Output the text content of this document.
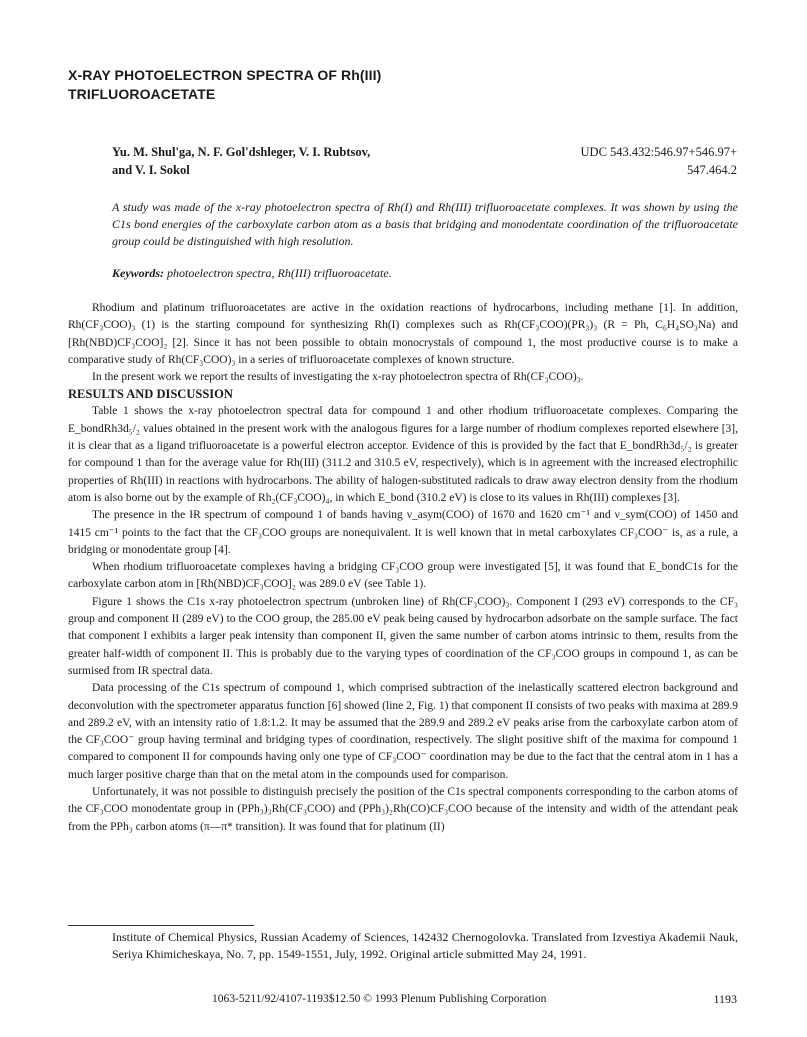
X-RAY PHOTOELECTRON SPECTRA OF Rh(III)
TRIFLUOROACETATE
Yu. M. Shul'ga, N. F. Gol'dshleger, V. I. Rubtsov,
and V. I. Sokol
UDC 543.432:546.97+546.97+
547.464.2
A study was made of the x-ray photoelectron spectra of Rh(I) and Rh(III) trifluoroacetate complexes. It was shown by using the C1s bond energies of the carboxylate carbon atom as a basis that bridging and monodentate coordination of the trifluoroacetate group could be distinguished with high resolution.
Keywords: photoelectron spectra, Rh(III) trifluoroacetate.

Rhodium and platinum trifluoroacetates are active in the oxidation reactions of hydrocarbons, including methane [1]. In addition, Rh(CF₃COO)₃ (1) is the starting compound for synthesizing Rh(I) complexes such as Rh(CF₃COO)(PR₃)₃ (R = Ph, C₆H₄SO₃Na) and [Rh(NBD)CF₃COO]₂ [2]. Since it has not been possible to obtain monocrystals of compound 1, the most productive course is to make a comparative study of Rh(CF₃COO)₃ in a series of trifluoroacetate complexes of known structure.

In the present work we report the results of investigating the x-ray photoelectron spectra of Rh(CF₃COO)₃.

RESULTS AND DISCUSSION

Table 1 shows the x-ray photoelectron spectral data for compound 1 and other rhodium trifluoroacetate complexes. Comparing the E_bondRh3d₅/₂ values obtained in the present work with the analogous figures for a large number of rhodium complexes reported elsewhere [3], it is clear that as a ligand trifluoroacetate is a powerful electron acceptor. Evidence of this is provided by the fact that E_bondRh3d₅/₂ is greater for compound 1 than for the average value for Rh(III) (311.2 and 310.5 eV, respectively), which is in agreement with the increased electrophilic properties of Rh(III) in reactions with hydrocarbons. The ability of halogen-substituted radicals to draw away electron density from the rhodium atom is also borne out by the example of Rh₂(CF₃COO)₄, in which E_bond (310.2 eV) is close to its values in Rh(III) complexes [3].

The presence in the IR spectrum of compound 1 of bands having ν_asym(COO) of 1670 and 1620 cm⁻¹ and ν_sym(COO) of 1450 and 1415 cm⁻¹ points to the fact that the CF₃COO groups are nonequivalent. It is well known that in metal carboxylates CF₃COO⁻ is, as a rule, a bridging or monodentate group [4].

When rhodium trifluoroacetate complexes having a bridging CF₃COO group were investigated [5], it was found that E_bondC1s for the carboxylate carbon atom in [Rh(NBD)CF₃COO]₂ was 289.0 eV (see Table 1).

Figure 1 shows the C1s x-ray photoelectron spectrum (unbroken line) of Rh(CF₃COO)₃. Component I (293 eV) corresponds to the CF₃ group and component II (289 eV) to the COO group, the 285.00 eV peak being caused by hydrocarbon adsorbate on the sample surface. The fact that component I exhibits a larger peak intensity than component II, given the same number of carbon atoms intrinsic to them, results from the greater half-width of component II. This is probably due to the varying types of coordination of the CF₃COO groups in compound 1, as can be surmised from IR spectral data.

Data processing of the C1s spectrum of compound 1, which comprised subtraction of the inelastically scattered electron background and deconvolution with the spectrometer apparatus function [6] showed (line 2, Fig. 1) that component II consists of two peaks with maxima at 289.9 and 289.2 eV, with an intensity ratio of 1.8:1.2. It may be assumed that the 289.9 and 289.2 eV peaks arise from the carboxylate carbon atom of the CF₃COO⁻ group having terminal and bridging types of coordination, respectively. The slight positive shift of the maxima for compound 1 compared to component II for compounds having only one type of CF₃COO⁻ coordination may be due to the fact that the central atom in 1 has a much larger positive charge than that on the metal atom in the compounds used for comparison.

Unfortunately, it was not possible to distinguish precisely the position of the C1s spectral components corresponding to the carbon atoms of the CF₃COO monodentate group in (PPh₃)₃Rh(CF₃COO) and (PPh₃)₂Rh(CO)CF₃COO because of the intensity and width of the attendant peak from the PPh₃ carbon atoms (π—π* transition). It was found that for platinum (II)

Institute of Chemical Physics, Russian Academy of Sciences, 142432 Chernogolovka. Translated from Izvestiya Akademii Nauk, Seriya Khimicheskaya, No. 7, pp. 1549-1551, July, 1992. Original article submitted May 24, 1991.
1063-5211/92/4107-1193$12.50 © 1993 Plenum Publishing Corporation	1193
